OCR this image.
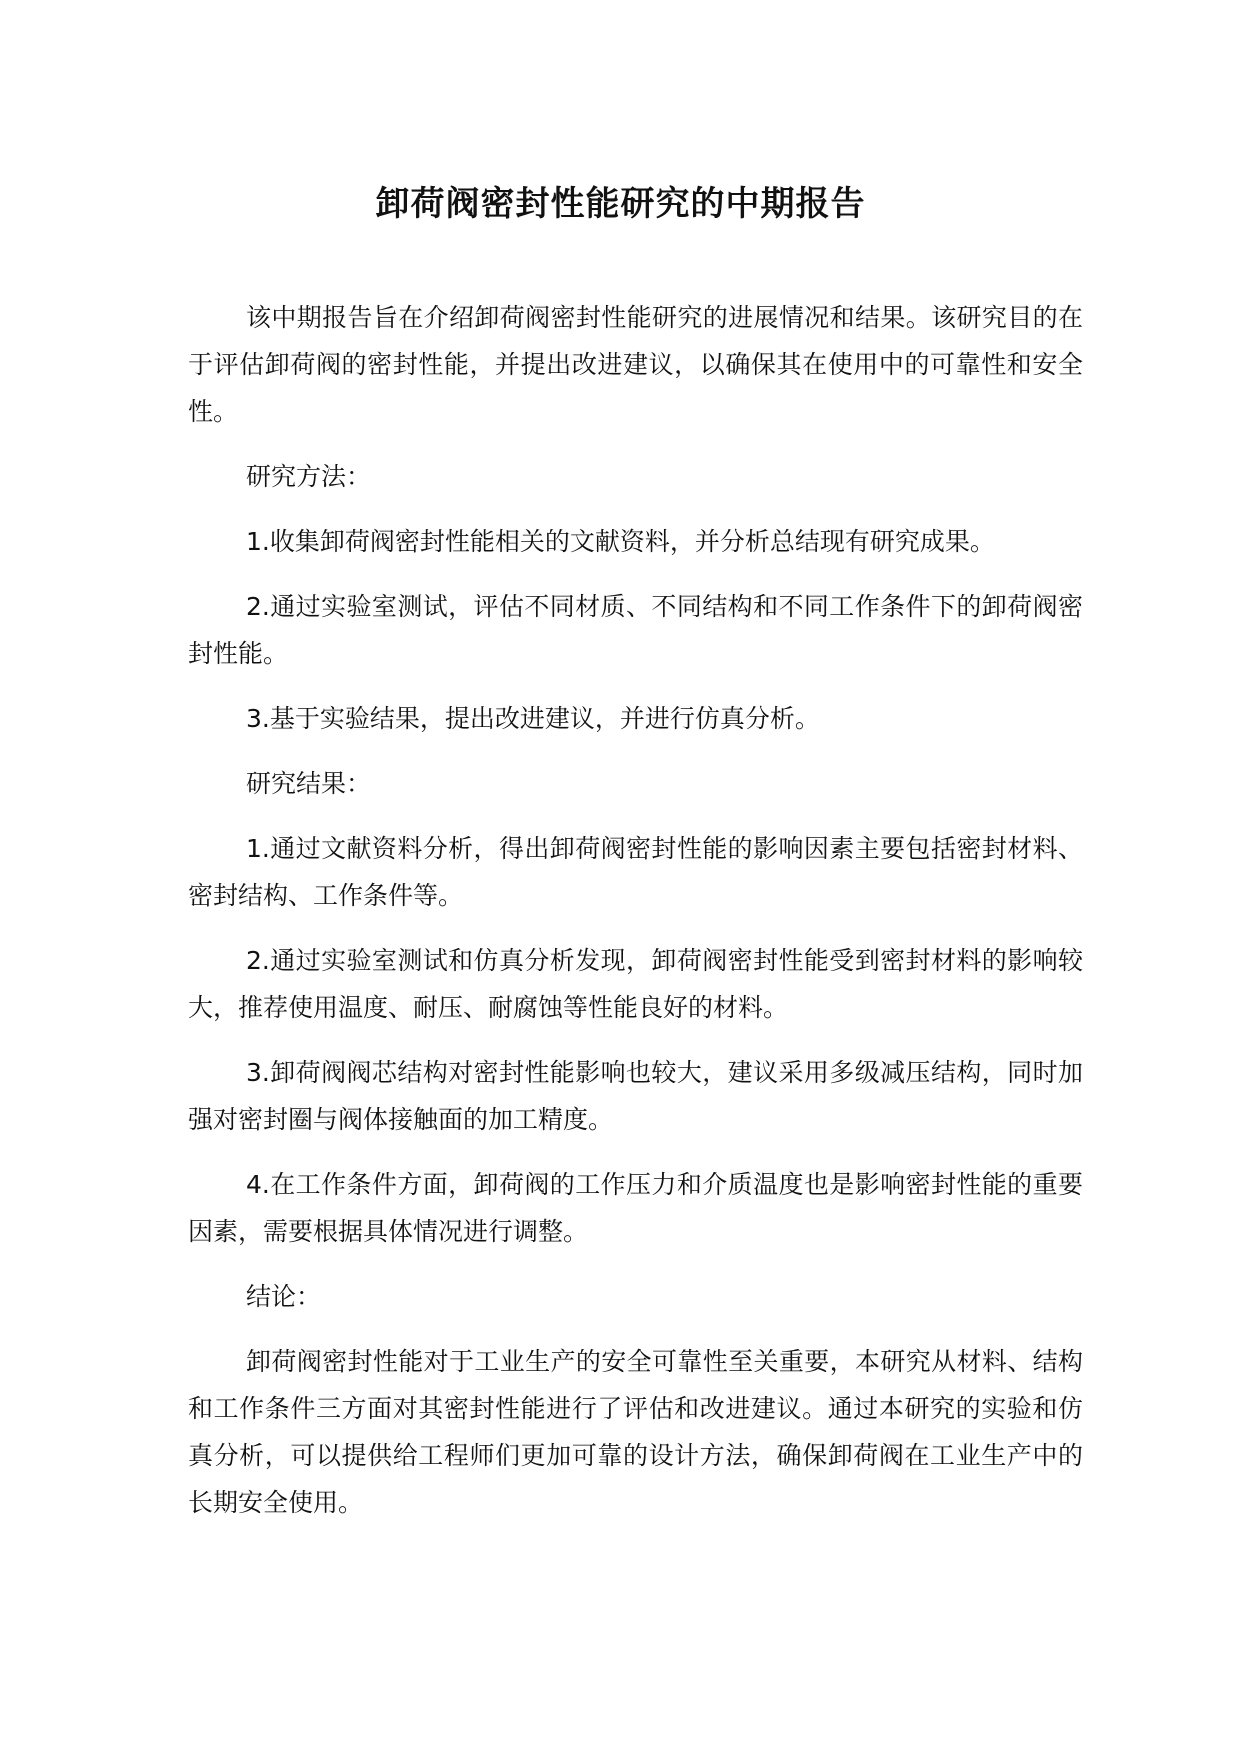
卸荷阀密封性能研究的中期报告

该中期报告旨在介绍卸荷阀密封性能研究的进展情况和结果。该研究目的在于评估卸荷阀的密封性能，并提出改进建议，以确保其在使用中的可靠性和安全性。

研究方法：

1.收集卸荷阀密封性能相关的文献资料，并分析总结现有研究成果。

2.通过实验室测试，评估不同材质、不同结构和不同工作条件下的卸荷阀密封性能。

3.基于实验结果，提出改进建议，并进行仿真分析。

研究结果：

1.通过文献资料分析，得出卸荷阀密封性能的影响因素主要包括密封材料、密封结构、工作条件等。

2.通过实验室测试和仿真分析发现，卸荷阀密封性能受到密封材料的影响较大，推荐使用温度、耐压、耐腐蚀等性能良好的材料。

3.卸荷阀阀芯结构对密封性能影响也较大，建议采用多级减压结构，同时加强对密封圈与阀体接触面的加工精度。

4.在工作条件方面，卸荷阀的工作压力和介质温度也是影响密封性能的重要因素，需要根据具体情况进行调整。

结论：

卸荷阀密封性能对于工业生产的安全可靠性至关重要，本研究从材料、结构和工作条件三方面对其密封性能进行了评估和改进建议。通过本研究的实验和仿真分析，可以提供给工程师们更加可靠的设计方法，确保卸荷阀在工业生产中的长期安全使用。
